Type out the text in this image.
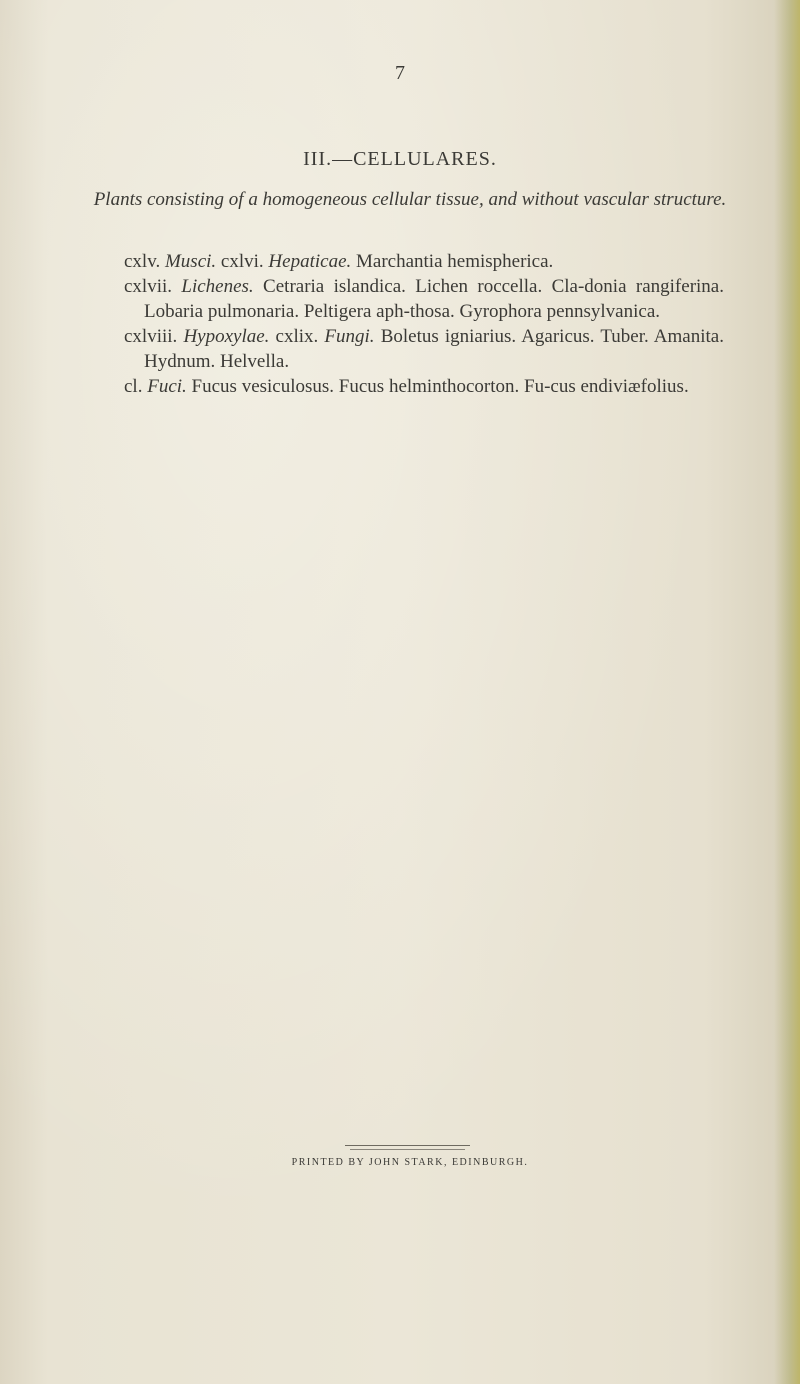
7
III.—CELLULARES.
Plants consisting of a homogeneous cellular tissue, and without vascular structure.

cxlv. Musci. cxlvi. Hepaticae. Marchantia hemispherica.

cxlvii. Lichenes. Cetraria islandica. Lichen roccella. Cla-donia rangiferina. Lobaria pulmonaria. Peltigera aph-thosa. Gyrophora pennsylvanica.

cxlviii. Hypoxylae. cxlix. Fungi. Boletus igniarius. Agaricus. Tuber. Amanita. Hydnum. Helvella.

cl. Fuci. Fucus vesiculosus. Fucus helminthocorton. Fu-cus endiviæfolius.

PRINTED BY JOHN STARK, EDINBURGH.
